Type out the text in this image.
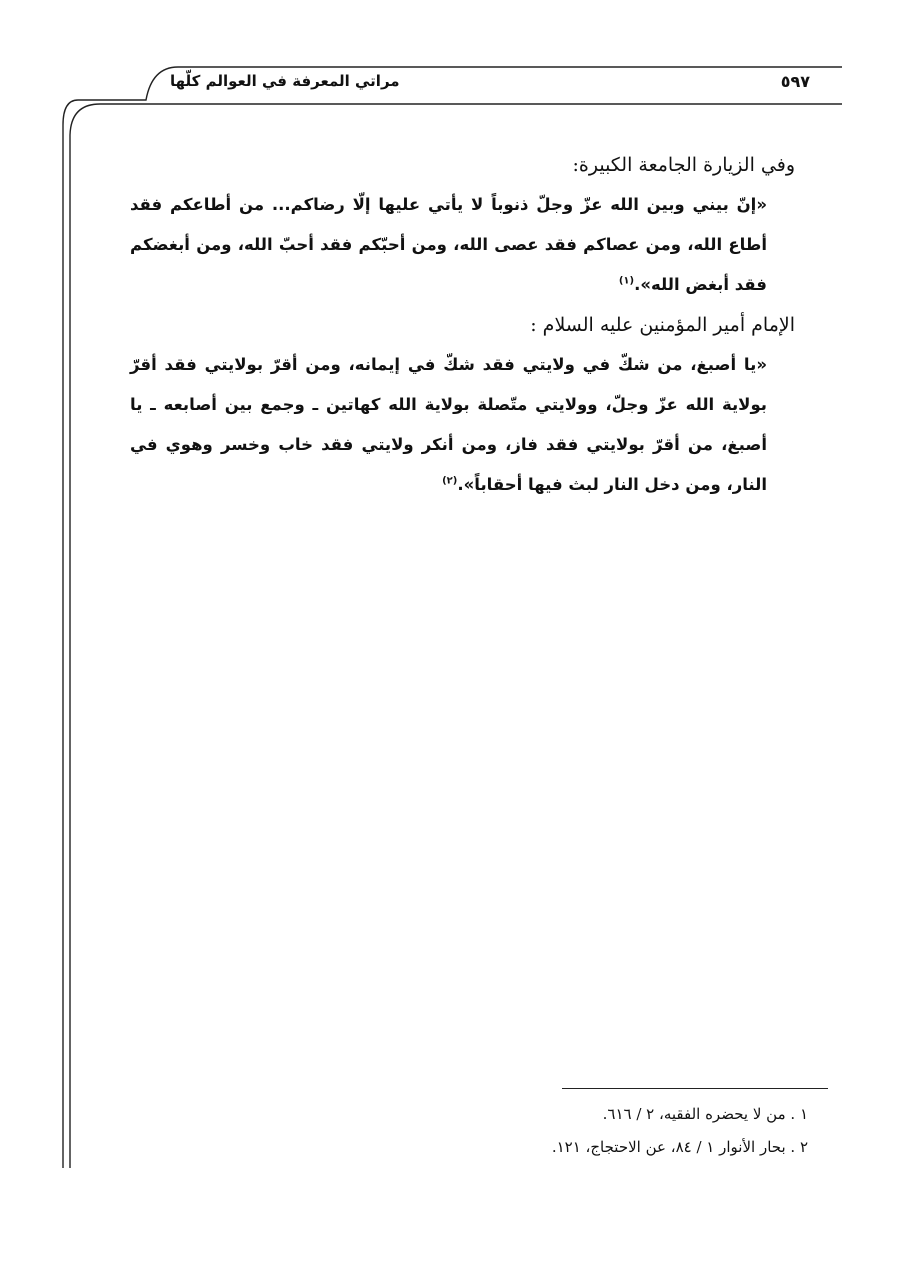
مراتي المعرفة في العوالم كلّها	٥٩٧

وفي الزيارة الجامعة الكبيرة:

«إنّ بيني وبين الله عزّ وجلّ ذنوباً لا يأتي عليها إلّا رضاكم... من أطاعكم فقد أطاع الله، ومن عصاكم فقد عصى الله، ومن أحبّكم فقد أحبّ الله، ومن أبغضكم فقد أبغض الله».$^{(١)}$

الإمام أمير المؤمنين عليه السلام :

«يا أصبغ، من شكّ في ولايتي فقد شكّ في إيمانه، ومن أقرّ بولايتي فقد أقرّ بولاية الله عزّ وجلّ، وولايتي متّصلة بولاية الله كهاتين ـ وجمع بين أصابعه ـ يا أصبغ، من أقرّ بولايتي فقد فاز، ومن أنكر ولايتي فقد خاب وخسر وهوي في النار، ومن دخل النار لبث فيها أحقاباً».$^{(٢)}$

١ . من لا يحضره الفقيه، ٢ / ٦١٦.

٢ . بحار الأنوار ١ / ٨٤، عن الاحتجاج، ١٢١.
